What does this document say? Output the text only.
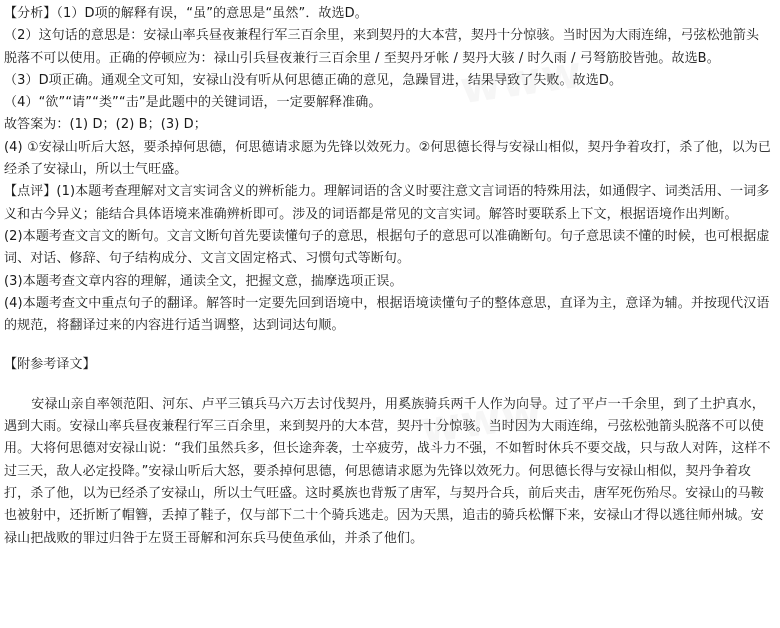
【分析】（1）D项的解释有误，“虽”的意思是“虽然”．故选D。

（2）这句话的意思是：安禄山率兵昼夜兼程行军三百余里，来到契丹的大本营，契丹十分惊骇。当时因为大雨连绵，弓弦松弛箭头脱落不可以使用。正确的停顿应为：禄山引兵昼夜兼行三百余里 / 至契丹牙帐 / 契丹大骇 / 时久雨 / 弓弩筋胶皆弛。故选B。

（3）D项正确。通观全文可知，安禄山没有听从何思德正确的意见，急躁冒进，结果导致了失败。故选D。

（4）“欲”“请”“类”“击”是此题中的关键词语，一定要解释准确。

故答案为：(1) D；(2) B；(3) D；

(4) ①安禄山听后大怒，要杀掉何思德，何思德请求愿为先锋以效死力。②何思德长得与安禄山相似，契丹争着攻打，杀了他，以为已经杀了安禄山，所以士气旺盛。

【点评】(1)本题考查理解对文言实词含义的辨析能力。理解词语的含义时要注意文言词语的特殊用法，如通假字、词类活用、一词多义和古今异义；能结合具体语境来准确辨析即可。涉及的词语都是常见的文言实词。解答时要联系上下文，根据语境作出判断。

(2)本题考查文言文的断句。文言文断句首先要读懂句子的意思，根据句子的意思可以准确断句。句子意思读不懂的时候，也可根据虚词、对话、修辞、句子结构成分、文言文固定格式、习惯句式等断句。

(3)本题考查文章内容的理解，通读全文，把握文意，揣摩选项正误。

(4)本题考查文中重点句子的翻译。解答时一定要先回到语境中，根据语境读懂句子的整体意思，直译为主，意译为辅。并按现代汉语的规范，将翻译过来的内容进行适当调整，达到词达句顺。

【附参考译文】

安禄山亲自率领范阳、河东、卢平三镇兵马六万去讨伐契丹，用奚族骑兵两千人作为向导。过了平卢一千余里，到了土护真水，遇到大雨。安禄山率兵昼夜兼程行军三百余里，来到契丹的大本营，契丹十分惊骇。当时因为大雨连绵，弓弦松弛箭头脱落不可以使用。大将何思德对安禄山说：“我们虽然兵多，但长途奔袭，士卒疲劳，战斗力不强，不如暂时休兵不要交战，只与敌人对阵，这样不过三天，敌人必定投降。”安禄山听后大怒，要杀掉何思德，何思德请求愿为先锋以效死力。何思德长得与安禄山相似，契丹争着攻打，杀了他，以为已经杀了安禄山，所以士气旺盛。这时奚族也背叛了唐军，与契丹合兵，前后夹击，唐军死伤殆尽。安禄山的马鞍也被射中，还折断了帽簪，丢掉了鞋子，仅与部下二十个骑兵逃走。因为天黑，追击的骑兵松懈下来，安禄山才得以逃往师州城。安禄山把战败的罪过归咎于左贤王哥解和河东兵马使鱼承仙，并杀了他们。
